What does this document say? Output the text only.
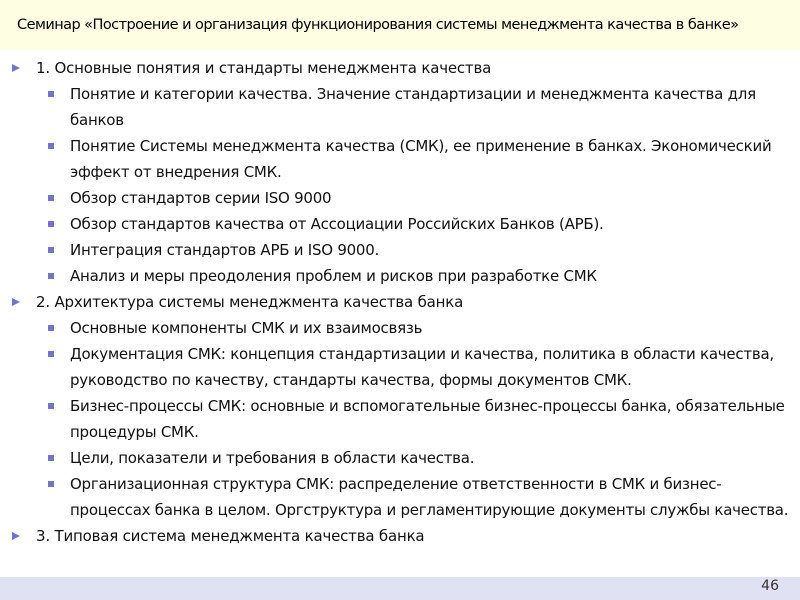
Семинар «Построение и организация функционирования системы менеджмента качества в банке»
1. Основные понятия и стандарты менеджмента качества
Понятие и категории качества. Значение стандартизации и менеджмента качества для банков
Понятие Системы менеджмента качества (СМК), ее применение в банках. Экономический эффект от внедрения СМК.
Обзор стандартов серии ISO 9000
Обзор стандартов качества от Ассоциации Российских Банков (АРБ).
Интеграция стандартов АРБ и ISO 9000.
Анализ и меры преодоления проблем и рисков при разработке СМК
2. Архитектура системы менеджмента качества банка
Основные компоненты СМК и их взаимосвязь
Документация СМК: концепция стандартизации и качества, политика в области качества, руководство по качеству, стандарты качества, формы документов СМК.
Бизнес-процессы СМК: основные и вспомогательные бизнес-процессы банка, обязательные процедуры СМК.
Цели, показатели и требования в области качества.
Организационная структура СМК: распределение ответственности в СМК и бизнес-процессах банка в целом. Оргструктура и регламентирующие документы службы качества.
3. Типовая система менеджмента качества банка
46
